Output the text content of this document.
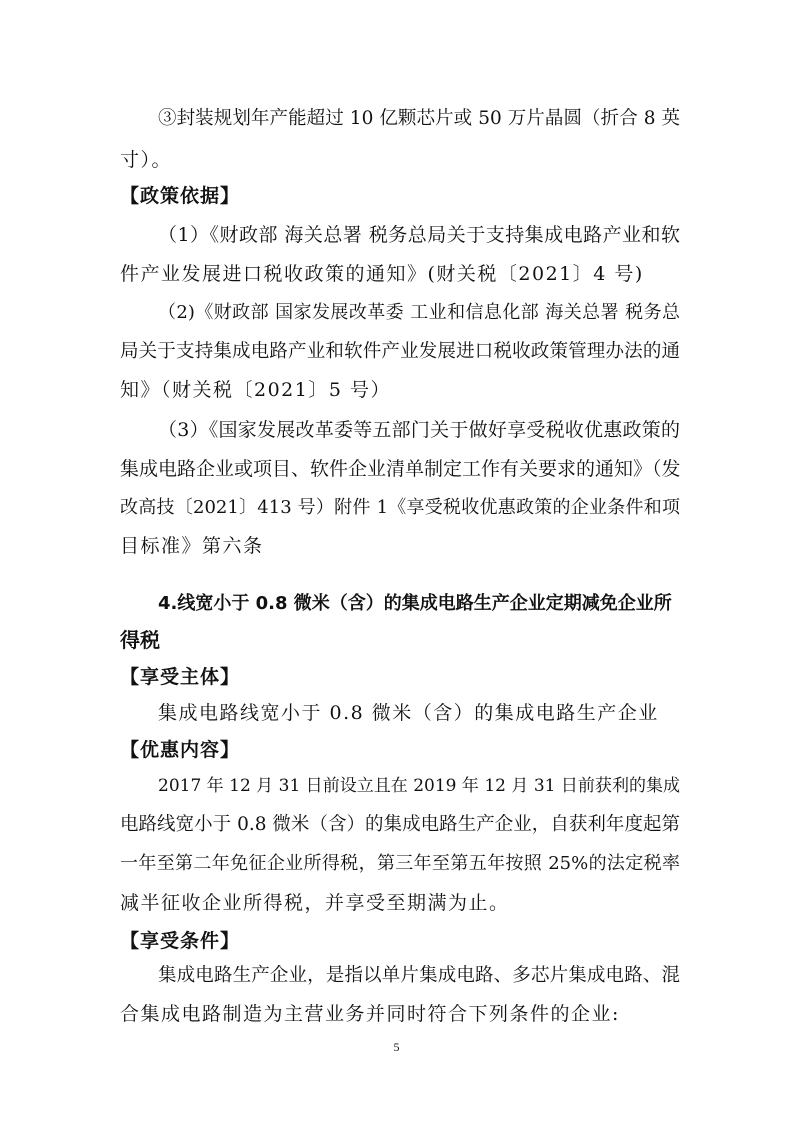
③封装规划年产能超过 10 亿颗芯片或 50 万片晶圆（折合 8 英
寸）。
【政策依据】
（1）《财政部 海关总署 税务总局关于支持集成电路产业和软
件产业发展进口税收政策的通知》(财关税〔2021〕4 号)
（2)《财政部 国家发展改革委 工业和信息化部 海关总署 税务总
局关于支持集成电路产业和软件产业发展进口税收政策管理办法的通
知》（财关税〔2021〕5 号）
（3）《国家发展改革委等五部门关于做好享受税收优惠政策的
集成电路企业或项目、软件企业清单制定工作有关要求的通知》（发
改高技〔2021〕413 号）附件 1《享受税收优惠政策的企业条件和项
目标准》第六条
4.线宽小于 0.8 微米（含）的集成电路生产企业定期减免企业所
得税
【享受主体】
集成电路线宽小于 0.8 微米（含）的集成电路生产企业
【优惠内容】
2017 年 12 月 31 日前设立且在 2019 年 12 月 31 日前获利的集成
电路线宽小于 0.8 微米（含）的集成电路生产企业，自获利年度起第
一年至第二年免征企业所得税，第三年至第五年按照 25%的法定税率
减半征收企业所得税，并享受至期满为止。
【享受条件】
集成电路生产企业，是指以单片集成电路、多芯片集成电路、混
合集成电路制造为主营业务并同时符合下列条件的企业:
5
